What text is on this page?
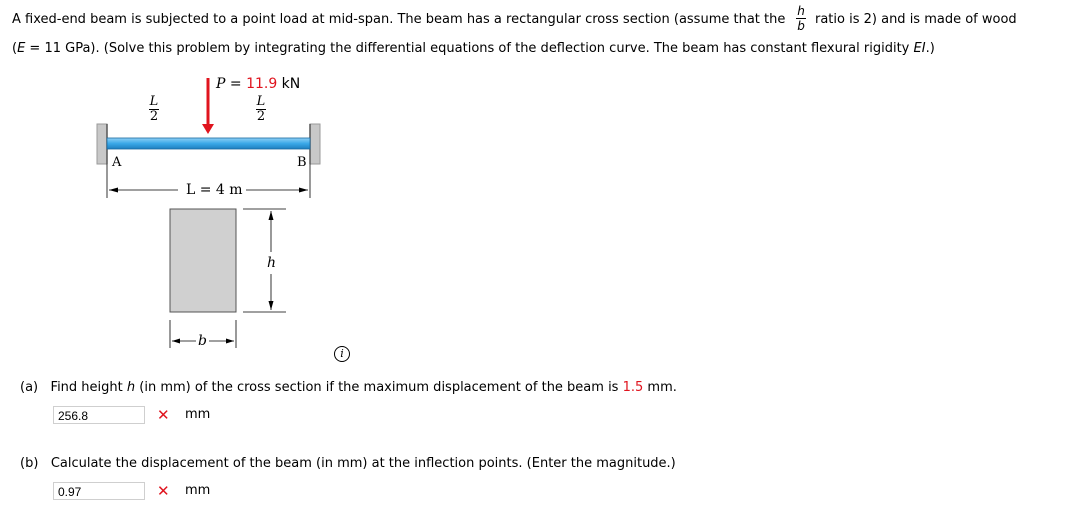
A fixed-end beam is subjected to a point load at mid-span. The beam has a rectangular cross section (assume that the
h
b ratio is 2) and is made of wood
(E = 11 GPa). (Solve this problem by integrating the differential equations of the deflection curve. The beam has constant flexural rigidity EI.)
P = 11.9 kN
L
2
L
2
A	B
L = 4 m
h
b
i
(a) Find height h (in mm) of the cross section if the maximum displacement of the beam is 1.5 mm.
256.8	✕ mm
(b) Calculate the displacement of the beam (in mm) at the inflection points. (Enter the magnitude.)
0.97	✕ mm
